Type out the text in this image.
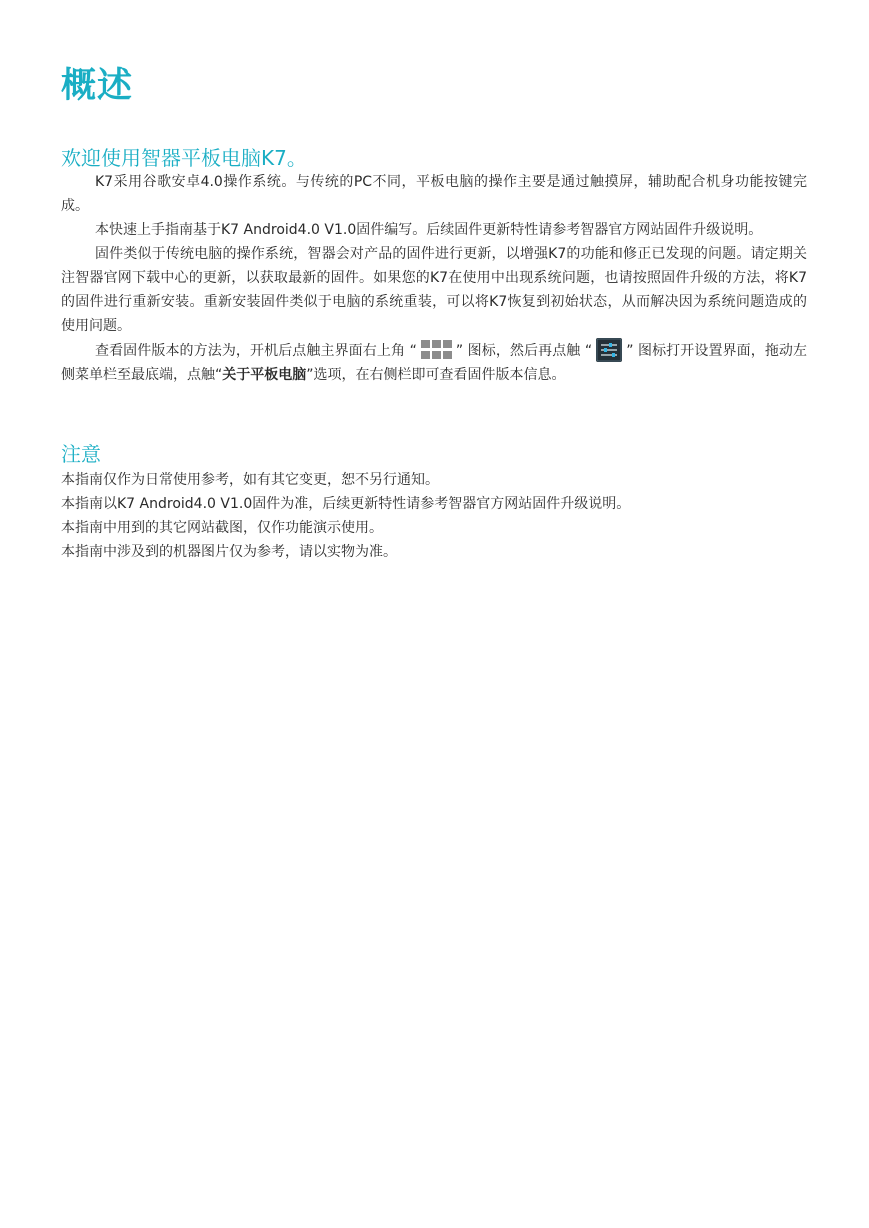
概述
欢迎使用智器平板电脑K7。

K7采用谷歌安卓4.0操作系统。与传统的PC不同，平板电脑的操作主要是通过触摸屏，辅助配合机身功能按键完成。

本快速上手指南基于K7 Android4.0 V1.0固件编写。后续固件更新特性请参考智器官方网站固件升级说明。

固件类似于传统电脑的操作系统，智器会对产品的固件进行更新，以增强K7的功能和修正已发现的问题。请定期关注智器官网下载中心的更新，以获取最新的固件。如果您的K7在使用中出现系统问题，也请按照固件升级的方法，将K7的固件进行重新安装。重新安装固件类似于电脑的系统重装，可以将K7恢复到初始状态，从而解决因为系统问题造成的使用问题。

查看固件版本的方法为，开机后点触主界面右上角 “	” 图标，然后再点触 “ ” 图标打开设置界面，拖动左侧菜单栏至最底端，点触“关于平板电脑”选项，在右侧栏即可查看固件版本信息。

注意

本指南仅作为日常使用参考，如有其它变更，恕不另行通知。

本指南以K7 Android4.0 V1.0固件为准，后续更新特性请参考智器官方网站固件升级说明。

本指南中用到的其它网站截图，仅作功能演示使用。

本指南中涉及到的机器图片仅为参考，请以实物为准。
